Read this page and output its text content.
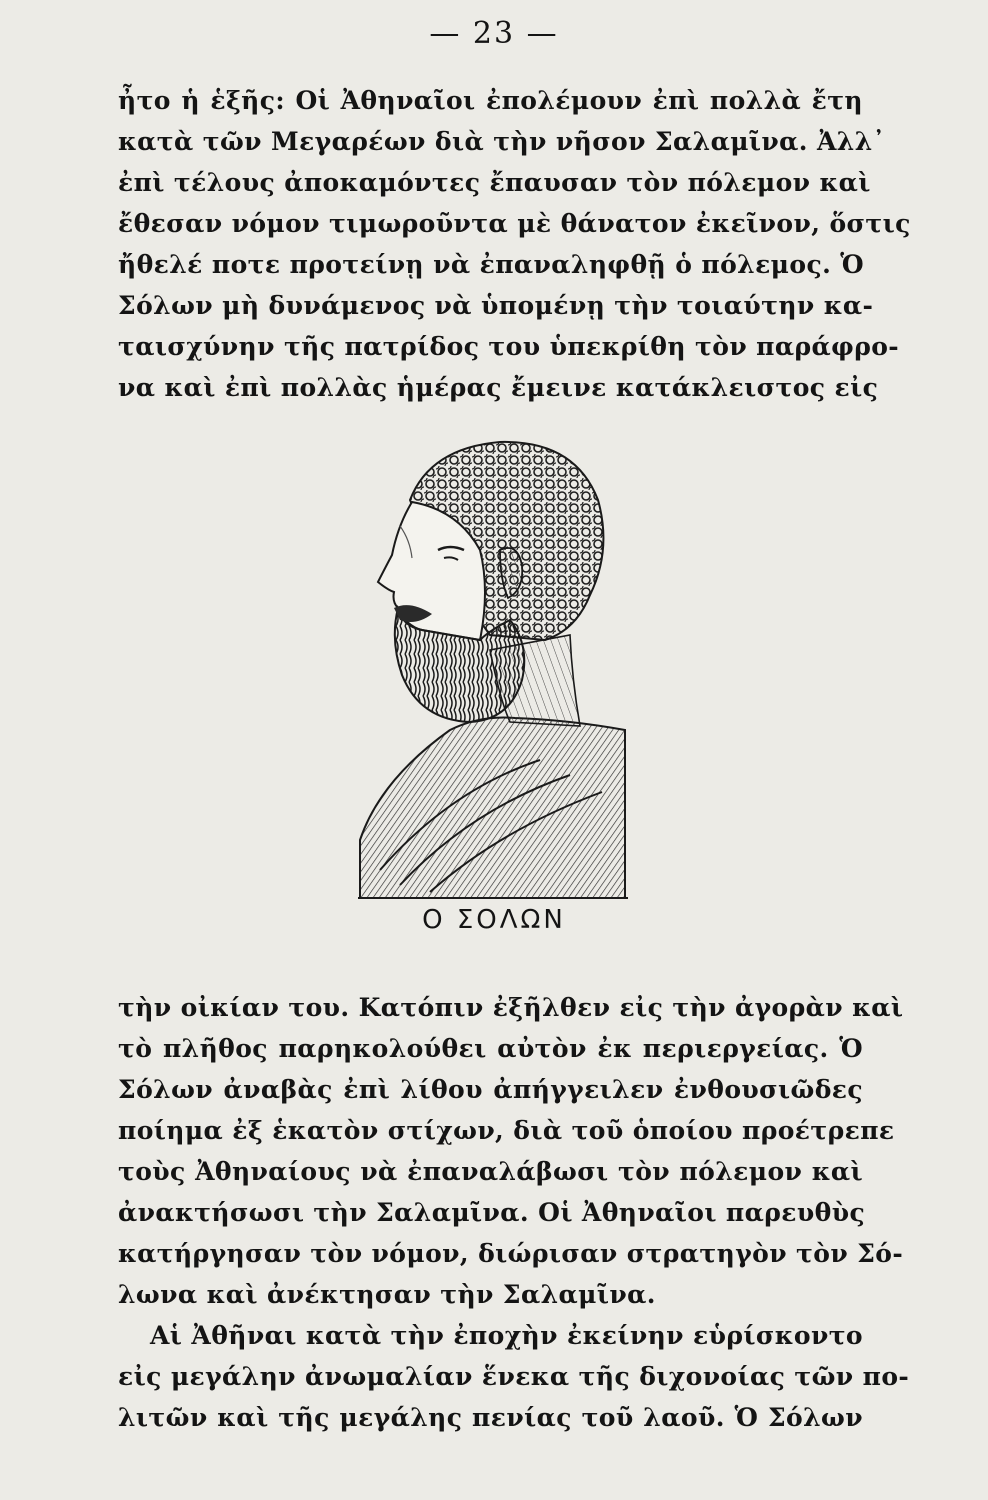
— 23 —
ἦτο ἡ ἑξῆς: Οἱ Ἀθηναῖοι ἐπολέμουν ἐπὶ πολλὰ ἔτη
κατὰ τῶν Μεγαρέων διὰ τὴν νῆσον Σαλαμῖνα. Ἀλλ᾽
ἐπὶ τέλους ἀποκαμόντες ἔπαυσαν τὸν πόλεμον καὶ
ἔθεσαν νόμον τιμωροῦντα μὲ θάνατον ἐκεῖνον, ὅστις
ἤθελέ ποτε προτείνῃ νὰ ἐπαναληφθῇ ὁ πόλεμος. Ὁ
Σόλων μὴ δυνάμενος νὰ ὑπομένῃ τὴν τοιαύτην κα-
ταισχύνην τῆς πατρίδος του ὑπεκρίθη τὸν παράφρο-
να καὶ ἐπὶ πολλὰς ἡμέρας ἔμεινε κατάκλειστος εἰς
Ο ΣΟΛΩΝ
τὴν οἰκίαν του. Κατόπιν ἐξῆλθεν εἰς τὴν ἀγορὰν καὶ
τὸ πλῆθος παρηκολούθει αὐτὸν ἐκ περιεργείας. Ὁ
Σόλων ἀναβὰς ἐπὶ λίθου ἀπήγγειλεν ἐνθουσιῶδες
ποίημα ἐξ ἑκατὸν στίχων, διὰ τοῦ ὁποίου προέτρεπε
τοὺς Ἀθηναίους νὰ ἐπαναλάβωσι τὸν πόλεμον καὶ
ἀνακτήσωσι τὴν Σαλαμῖνα. Οἱ Ἀθηναῖοι παρευθὺς
κατήργησαν τὸν νόμον, διώρισαν στρατηγὸν τὸν Σό-
λωνα καὶ ἀνέκτησαν τὴν Σαλαμῖνα.
Αἱ Ἀθῆναι κατὰ τὴν ἐποχὴν ἐκείνην εὑρίσκοντο
εἰς μεγάλην ἀνωμαλίαν ἕνεκα τῆς διχονοίας τῶν πο-
λιτῶν καὶ τῆς μεγάλης πενίας τοῦ λαοῦ. Ὁ Σόλων
